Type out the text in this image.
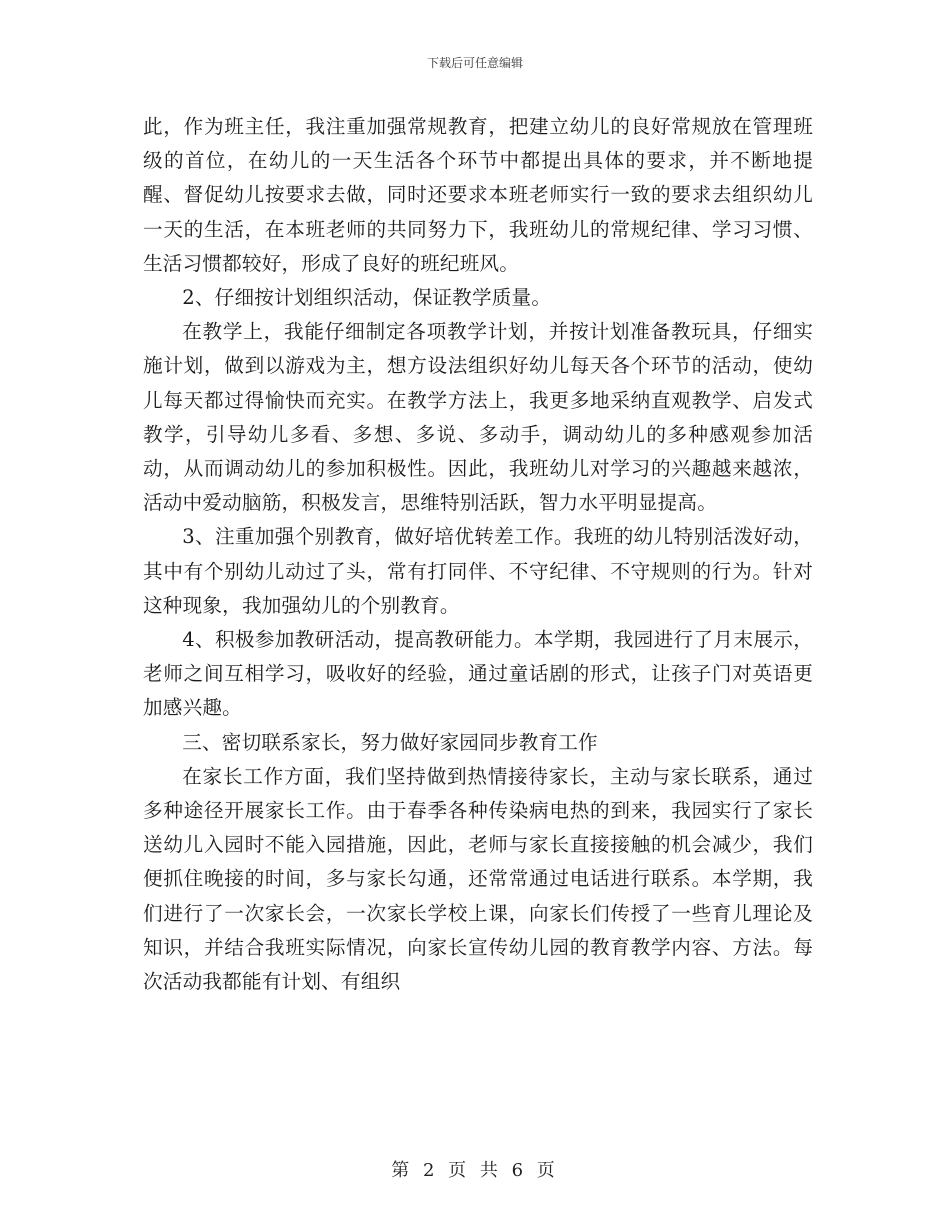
下载后可任意编辑

此，作为班主任，我注重加强常规教育，把建立幼儿的良好常规放在管理班级的首位，在幼儿的一天生活各个环节中都提出具体的要求，并不断地提醒、督促幼儿按要求去做，同时还要求本班老师实行一致的要求去组织幼儿一天的生活，在本班老师的共同努力下，我班幼儿的常规纪律、学习习惯、生活习惯都较好，形成了良好的班纪班风。

2、仔细按计划组织活动，保证教学质量。

在教学上，我能仔细制定各项教学计划，并按计划准备教玩具，仔细实施计划，做到以游戏为主，想方设法组织好幼儿每天各个环节的活动，使幼儿每天都过得愉快而充实。在教学方法上，我更多地采纳直观教学、启发式教学，引导幼儿多看、多想、多说、多动手，调动幼儿的多种感观参加活动，从而调动幼儿的参加积极性。因此，我班幼儿对学习的兴趣越来越浓，活动中爱动脑筋，积极发言，思维特别活跃，智力水平明显提高。

3、注重加强个别教育，做好培优转差工作。我班的幼儿特别活泼好动，其中有个别幼儿动过了头，常有打同伴、不守纪律、不守规则的行为。针对这种现象，我加强幼儿的个别教育。

4、积极参加教研活动，提高教研能力。本学期，我园进行了月末展示，老师之间互相学习，吸收好的经验，通过童话剧的形式，让孩子门对英语更加感兴趣。

三、密切联系家长，努力做好家园同步教育工作

在家长工作方面，我们坚持做到热情接待家长，主动与家长联系，通过多种途径开展家长工作。由于春季各种传染病电热的到来，我园实行了家长送幼儿入园时不能入园措施，因此，老师与家长直接接触的机会减少，我们便抓住晚接的时间，多与家长勾通，还常常通过电话进行联系。本学期，我们进行了一次家长会，一次家长学校上课，向家长们传授了一些育儿理论及知识，并结合我班实际情况，向家长宣传幼儿园的教育教学内容、方法。每次活动我都能有计划、有组织

第 2 页 共 6 页
